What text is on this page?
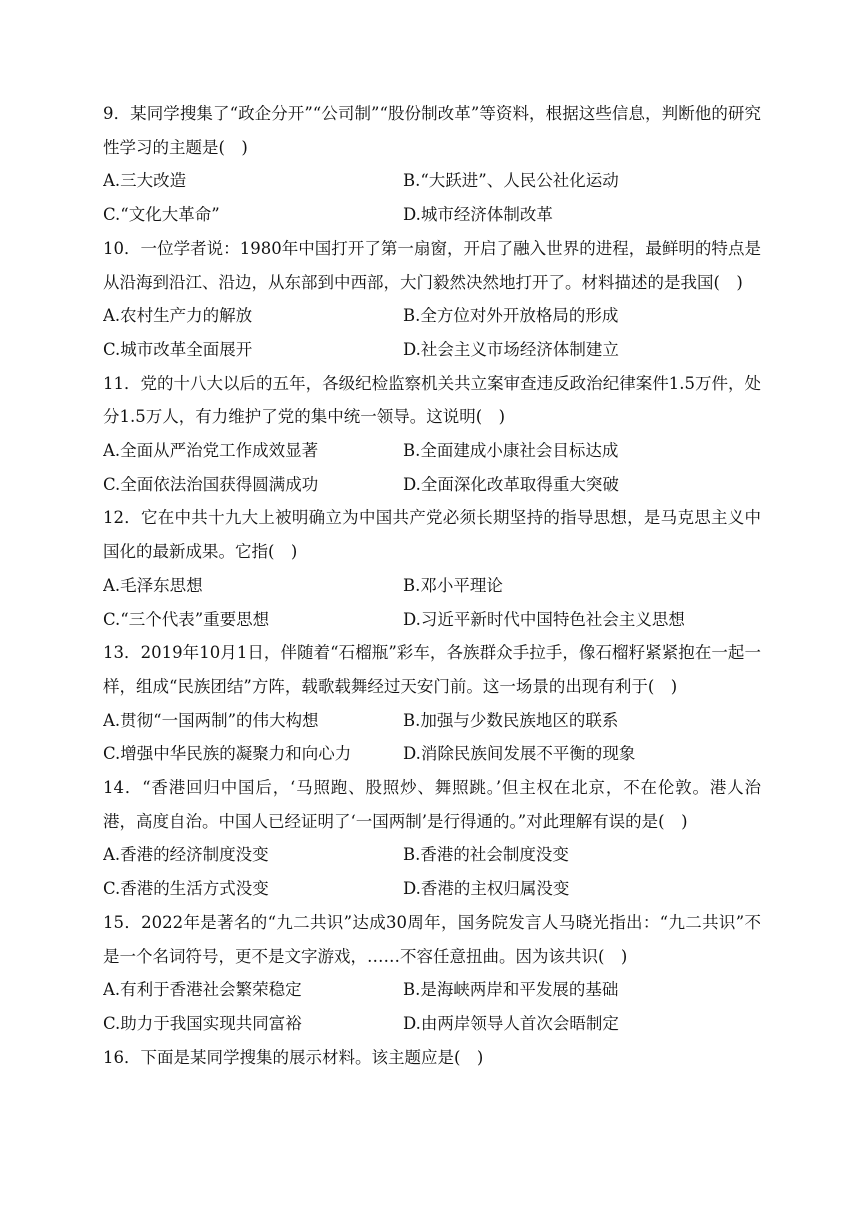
9．某同学搜集了“政企分开”“公司制”“股份制改革”等资料，根据这些信息，判断他的研究性学习的主题是(　)

A.三大改造	B.“大跃进”、人民公社化运动
C.“文化大革命”	D.城市经济体制改革

10．一位学者说：1980年中国打开了第一扇窗，开启了融入世界的进程，最鲜明的特点是从沿海到沿江、沿边，从东部到中西部，大门毅然决然地打开了。材料描述的是我国(　)

A.农村生产力的解放	B.全方位对外开放格局的形成
C.城市改革全面展开	D.社会主义市场经济体制建立

11．党的十八大以后的五年，各级纪检监察机关共立案审查违反政治纪律案件1.5万件，处分1.5万人，有力维护了党的集中统一领导。这说明(　)

A.全面从严治党工作成效显著	B.全面建成小康社会目标达成
C.全面依法治国获得圆满成功	D.全面深化改革取得重大突破

12．它在中共十九大上被明确立为中国共产党必须长期坚持的指导思想，是马克思主义中国化的最新成果。它指(　)

A.毛泽东思想	B.邓小平理论
C.“三个代表”重要思想	D.习近平新时代中国特色社会主义思想

13．2019年10月1日，伴随着“石榴瓶”彩车，各族群众手拉手，像石榴籽紧紧抱在一起一样，组成“民族团结”方阵，载歌载舞经过天安门前。这一场景的出现有利于(　)

A.贯彻“一国两制”的伟大构想	B.加强与少数民族地区的联系
C.增强中华民族的凝聚力和向心力	D.消除民族间发展不平衡的现象

14．“香港回归中国后，‘马照跑、股照炒、舞照跳。’但主权在北京，不在伦敦。港人治港，高度自治。中国人已经证明了‘一国两制’是行得通的。”对此理解有误的是(　)

A.香港的经济制度没变	B.香港的社会制度没变
C.香港的生活方式没变	D.香港的主权归属没变

15．2022年是著名的“九二共识”达成30周年，国务院发言人马晓光指出：“九二共识”不是一个名词符号，更不是文字游戏，……不容任意扭曲。因为该共识(　)

A.有利于香港社会繁荣稳定	B.是海峡两岸和平发展的基础
C.助力于我国实现共同富裕	D.由两岸领导人首次会晤制定

16．下面是某同学搜集的展示材料。该主题应是(　)
